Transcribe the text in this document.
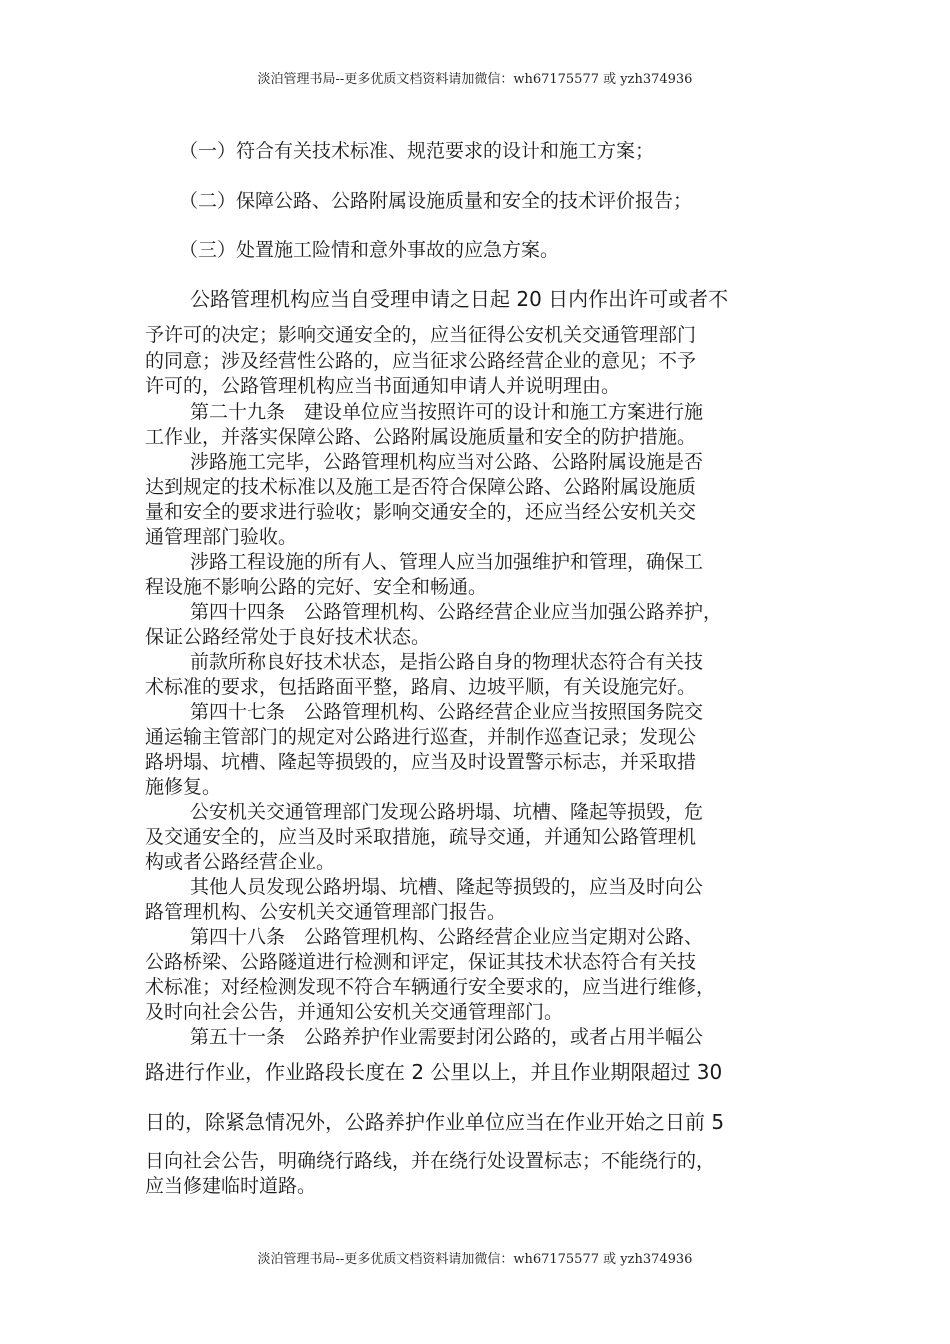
淡泊管理书局--更多优质文档资料请加微信：wh67175577 或 yzh374936
（一）符合有关技术标准、规范要求的设计和施工方案；
（二）保障公路、公路附属设施质量和安全的技术评价报告；
（三）处置施工险情和意外事故的应急方案。
公路管理机构应当自受理申请之日起 20 日内作出许可或者不
予许可的决定；影响交通安全的，应当征得公安机关交通管理部门
的同意；涉及经营性公路的，应当征求公路经营企业的意见；不予
许可的，公路管理机构应当书面通知申请人并说明理由。
第二十九条　建设单位应当按照许可的设计和施工方案进行施
工作业，并落实保障公路、公路附属设施质量和安全的防护措施。
涉路施工完毕，公路管理机构应当对公路、公路附属设施是否
达到规定的技术标准以及施工是否符合保障公路、公路附属设施质
量和安全的要求进行验收；影响交通安全的，还应当经公安机关交
通管理部门验收。
涉路工程设施的所有人、管理人应当加强维护和管理，确保工
程设施不影响公路的完好、安全和畅通。
第四十四条　公路管理机构、公路经营企业应当加强公路养护，
保证公路经常处于良好技术状态。
前款所称良好技术状态，是指公路自身的物理状态符合有关技
术标准的要求，包括路面平整，路肩、边坡平顺，有关设施完好。
第四十七条　公路管理机构、公路经营企业应当按照国务院交
通运输主管部门的规定对公路进行巡查，并制作巡查记录；发现公
路坍塌、坑槽、隆起等损毁的，应当及时设置警示标志，并采取措
施修复。
公安机关交通管理部门发现公路坍塌、坑槽、隆起等损毁，危
及交通安全的，应当及时采取措施，疏导交通，并通知公路管理机
构或者公路经营企业。
其他人员发现公路坍塌、坑槽、隆起等损毁的，应当及时向公
路管理机构、公安机关交通管理部门报告。
第四十八条　公路管理机构、公路经营企业应当定期对公路、
公路桥梁、公路隧道进行检测和评定，保证其技术状态符合有关技
术标准；对经检测发现不符合车辆通行安全要求的，应当进行维修，
及时向社会公告，并通知公安机关交通管理部门。
第五十一条　公路养护作业需要封闭公路的，或者占用半幅公
路进行作业，作业路段长度在 2 公里以上，并且作业期限超过 30
日的，除紧急情况外，公路养护作业单位应当在作业开始之日前 5
日向社会公告，明确绕行路线，并在绕行处设置标志；不能绕行的，
应当修建临时道路。
淡泊管理书局--更多优质文档资料请加微信：wh67175577 或 yzh374936
